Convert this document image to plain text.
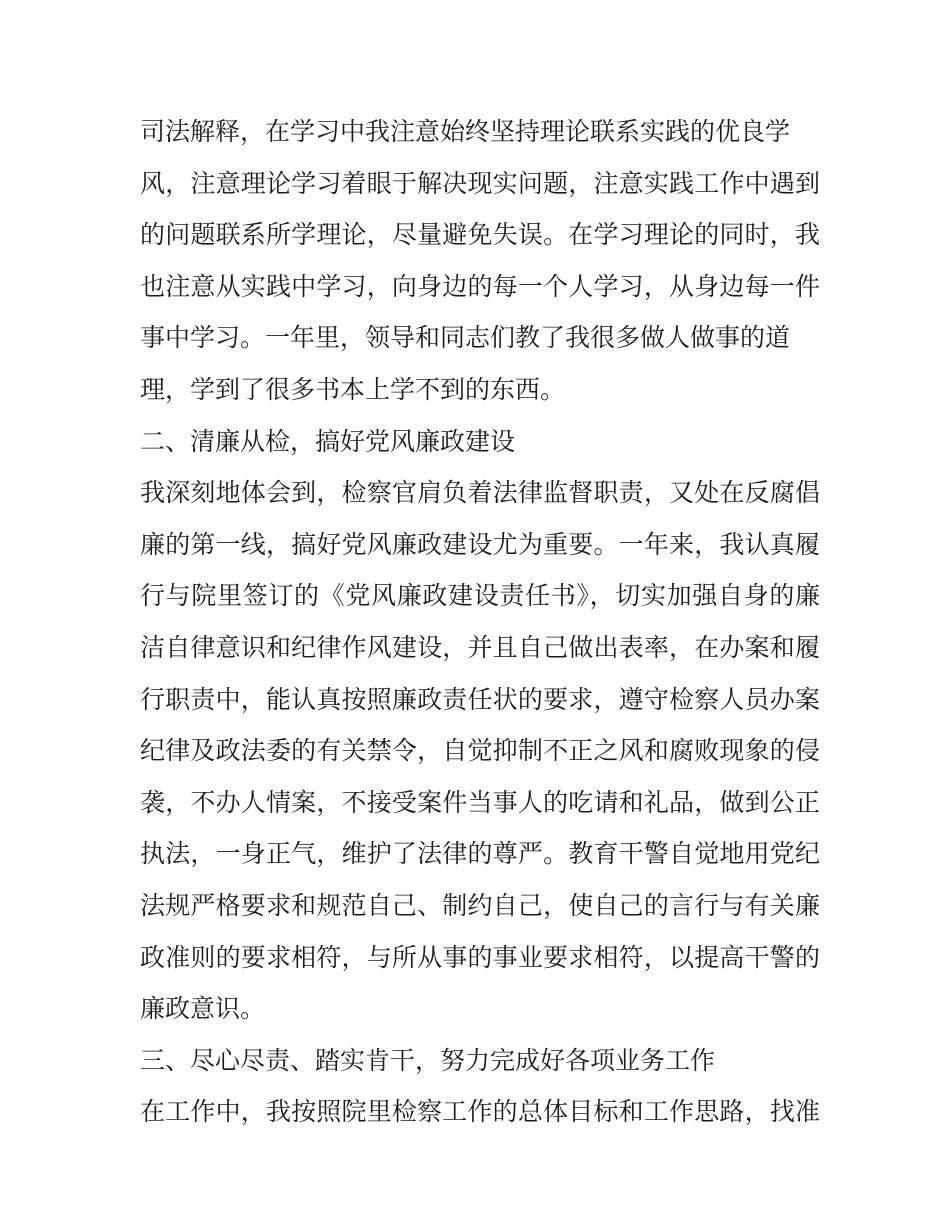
司法解释，在学习中我注意始终坚持理论联系实践的优良学
风，注意理论学习着眼于解决现实问题，注意实践工作中遇到
的问题联系所学理论，尽量避免失误。在学习理论的同时，我
也注意从实践中学习，向身边的每一个人学习，从身边每一件
事中学习。一年里，领导和同志们教了我很多做人做事的道
理，学到了很多书本上学不到的东西。
二、清廉从检，搞好党风廉政建设
我深刻地体会到，检察官肩负着法律监督职责，又处在反腐倡
廉的第一线，搞好党风廉政建设尤为重要。一年来，我认真履
行与院里签订的《党风廉政建设责任书》，切实加强自身的廉
洁自律意识和纪律作风建设，并且自己做出表率，在办案和履
行职责中，能认真按照廉政责任状的要求，遵守检察人员办案
纪律及政法委的有关禁令，自觉抑制不正之风和腐败现象的侵
袭，不办人情案，不接受案件当事人的吃请和礼品，做到公正
执法，一身正气，维护了法律的尊严。教育干警自觉地用党纪
法规严格要求和规范自己、制约自己，使自己的言行与有关廉
政准则的要求相符，与所从事的事业要求相符，以提高干警的
廉政意识。
三、尽心尽责、踏实肯干，努力完成好各项业务工作
在工作中，我按照院里检察工作的总体目标和工作思路，找准
